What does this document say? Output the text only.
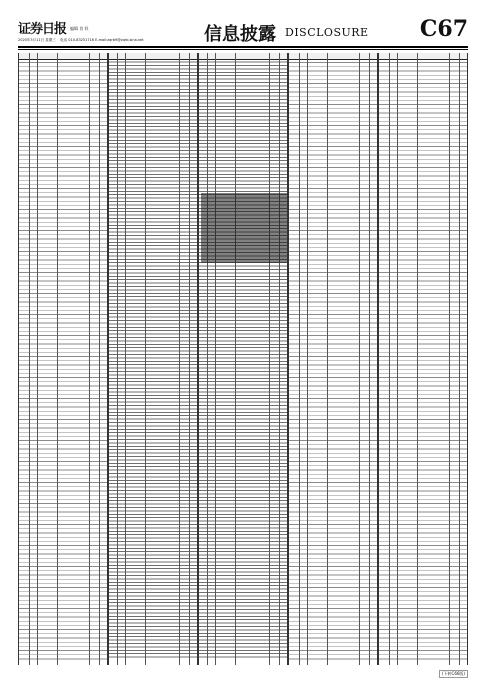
证券日报 编辑 肖 钗
2020年3月11日 星期三 电话 010-83251716 E-mail:zqrb9@zqrb.sina.net	信息披露 DISCLOSURE C67
(下转C66版)
